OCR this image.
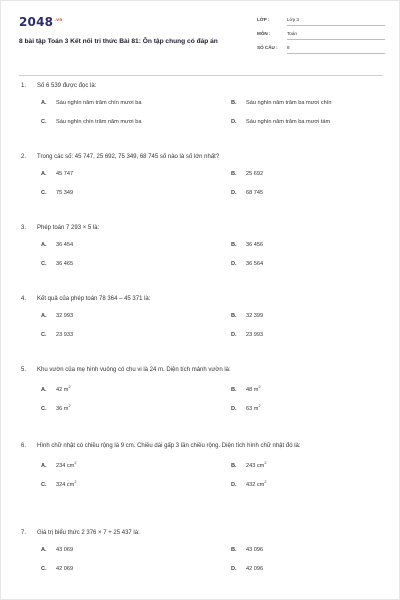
$2048^{.vn}$
8 bài tập Toán 3 Kết nối tri thức Bài 81: Ôn tập chung có đáp án
LỚP :	Lớp 3
MÔN :	Toán
SỐ CÂU : 8
1. Số 6 539 được đọc là:
A. Sáu nghìn năm trăm chín mươi ba	B. Sáu nghìn năm trăm ba mươi chín
C. Sáu nghìn chín trăm năm mươi ba	D. Sáu nghìn năm trăm ba mươi tám
2. Trong các số: 45 747, 25 692, 75 349, 68 745 số nào là số lớn nhất?
A. 45 747	B. 25 692
C. 75 349	D. 68 745
3. Phép toán 7 293 × 5 là:
A. 36 454	B. 36 456
C. 36 465	D. 36 564
4. Kết quả của phép toán 78 364 – 45 371 là:
A. 32 993	B. 32 399
C. 23 933	D. 23 993
5. Khu vườn của mẹ hình vuông có chu vi là 24 m. Diện tích mảnh vườn là:
A. 42 $m^2$	B. 48 $m^2$
C. 36 $m^2$	D. 63 $m^2$
6. Hình chữ nhật có chiều rộng là 9 cm. Chiều dài gấp 3 lần chiều rộng. Diện tích hình chữ nhật đó là:
A. 234 $cm^2$	B. 243 $cm^2$
C. 324 $cm^2$	D. 432 $cm^2$
7. Giá trị biểu thức 2 376 × 7 + 25 437 là:
A. 43 069	B. 43 096
C. 42 069	D. 42 096
